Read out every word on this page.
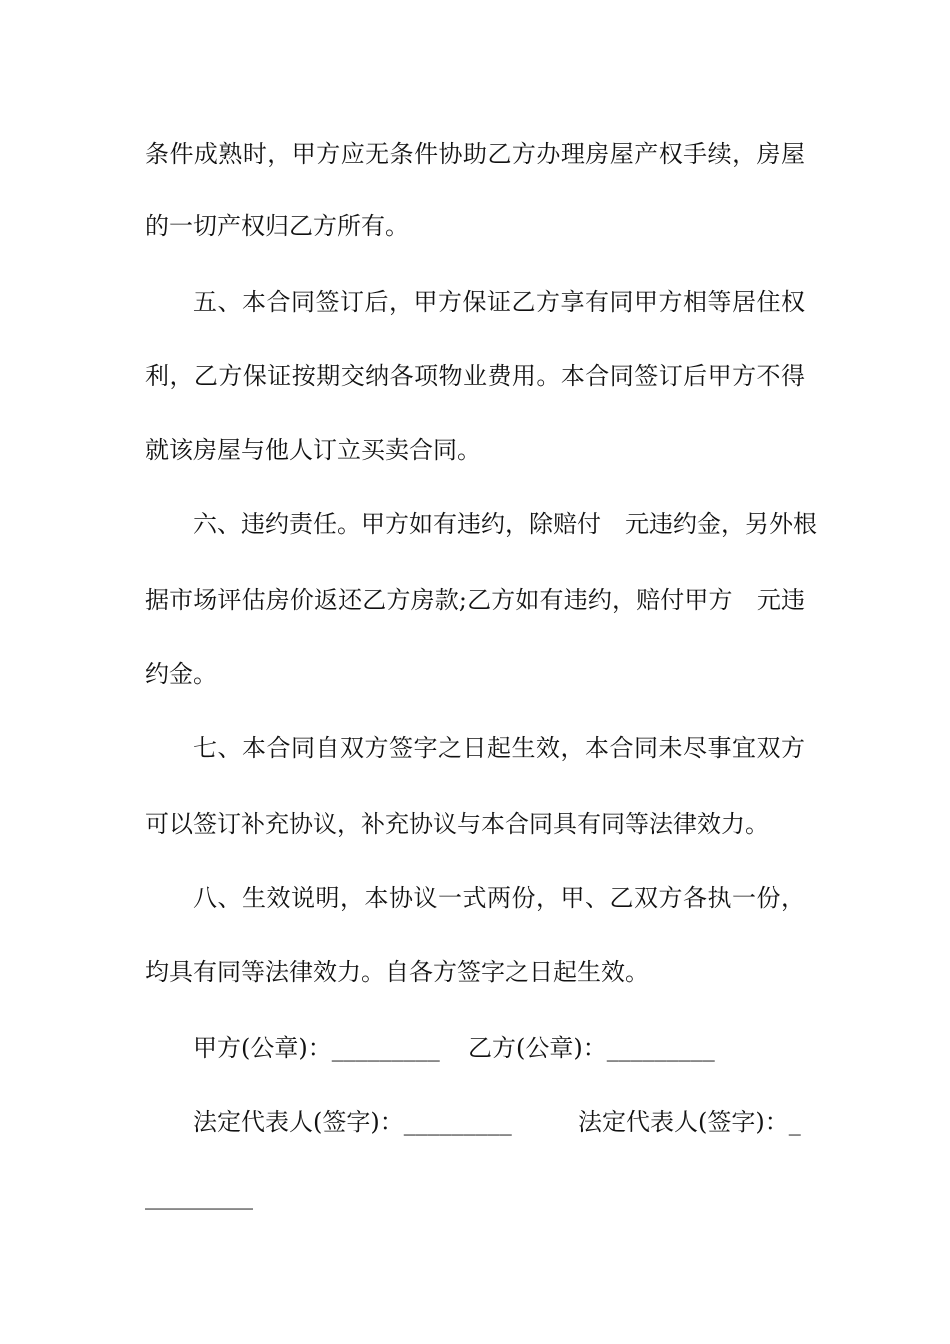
条件成熟时，甲方应无条件协助乙方办理房屋产权手续，房屋
的一切产权归乙方所有。
五、本合同签订后，甲方保证乙方享有同甲方相等居住权
利，乙方保证按期交纳各项物业费用。本合同签订后甲方不得
就该房屋与他人订立买卖合同。
六、违约责任。甲方如有违约，除赔付　元违约金，另外根
据市场评估房价返还乙方房款;乙方如有违约，赔付甲方　元违
约金。
七、本合同自双方签字之日起生效，本合同未尽事宜双方
可以签订补充协议，补充协议与本合同具有同等法律效力。
八、生效说明，本协议一式两份，甲、乙双方各执一份，
均具有同等法律效力。自各方签字之日起生效。
甲方(公章)：_________ 乙方(公章)：_________
法定代表人(签字)：_________	法定代表人(签字)：_
_________
